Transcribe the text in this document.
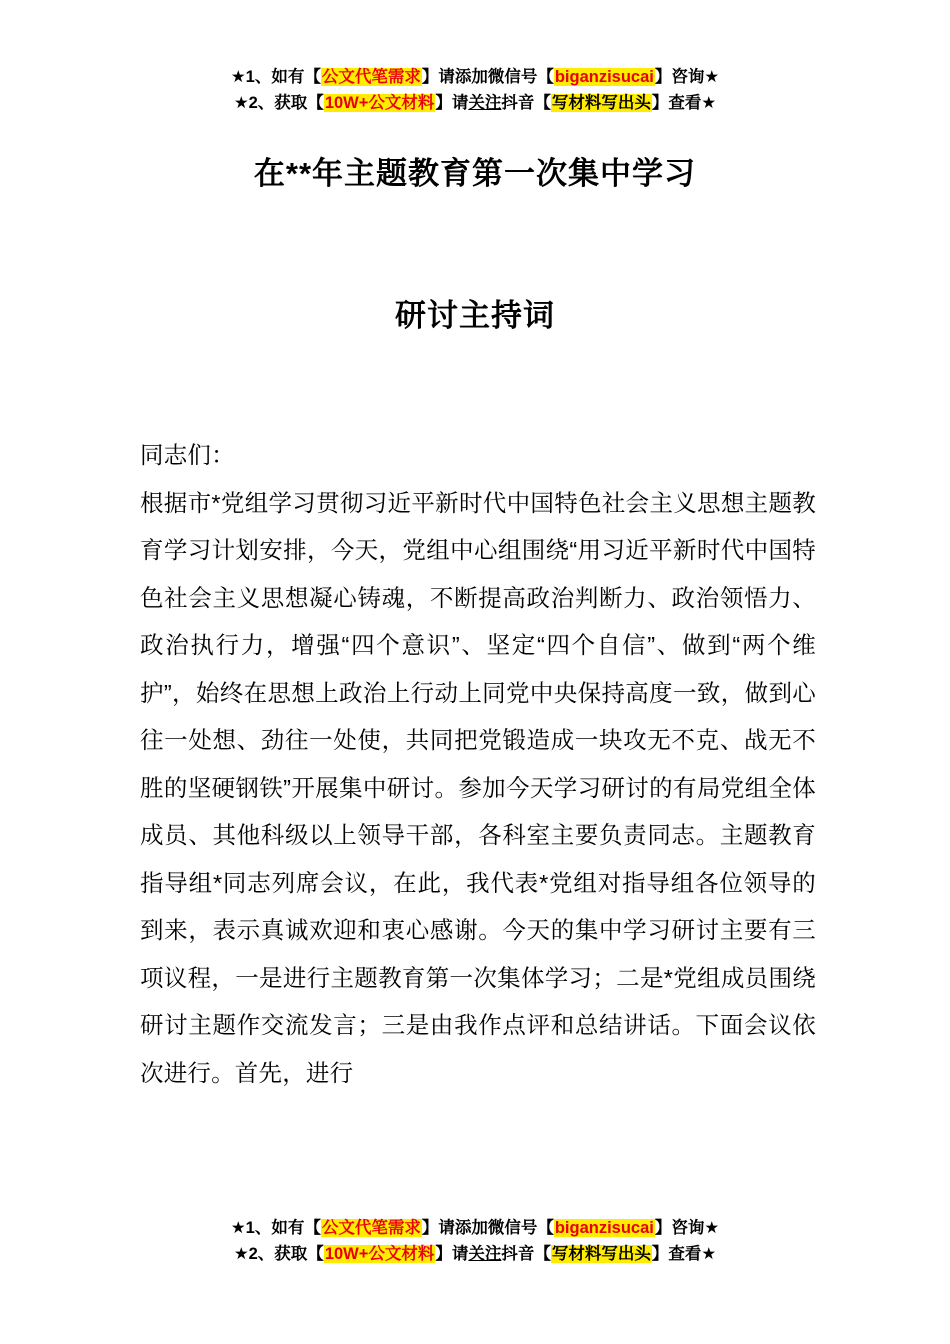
★1、如有【公文代笔需求】请添加微信号【biganzisucai】咨询★
★2、获取【10W+公文材料】请关注抖音【写材料写出头】查看★
在**年主题教育第一次集中学习
研讨主持词

同志们：

根据市*党组学习贯彻习近平新时代中国特色社会主义思想主题教育学习计划安排，今天，党组中心组围绕“用习近平新时代中国特色社会主义思想凝心铸魂，不断提高政治判断力、政治领悟力、政治执行力，增强“四个意识”、坚定“四个自信”、做到“两个维护”，始终在思想上政治上行动上同党中央保持高度一致，做到心往一处想、劲往一处使，共同把党锻造成一块攻无不克、战无不胜的坚硬钢铁”开展集中研讨。参加今天学习研讨的有局党组全体成员、其他科级以上领导干部，各科室主要负责同志。主题教育指导组*同志列席会议，在此，我代表*党组对指导组各位领导的到来，表示真诚欢迎和衷心感谢。今天的集中学习研讨主要有三项议程，一是进行主题教育第一次集体学习；二是*党组成员围绕研讨主题作交流发言；三是由我作点评和总结讲话。下面会议依次进行。首先，进行

★1、如有【公文代笔需求】请添加微信号【biganzisucai】咨询★
★2、获取【10W+公文材料】请关注抖音【写材料写出头】查看★
